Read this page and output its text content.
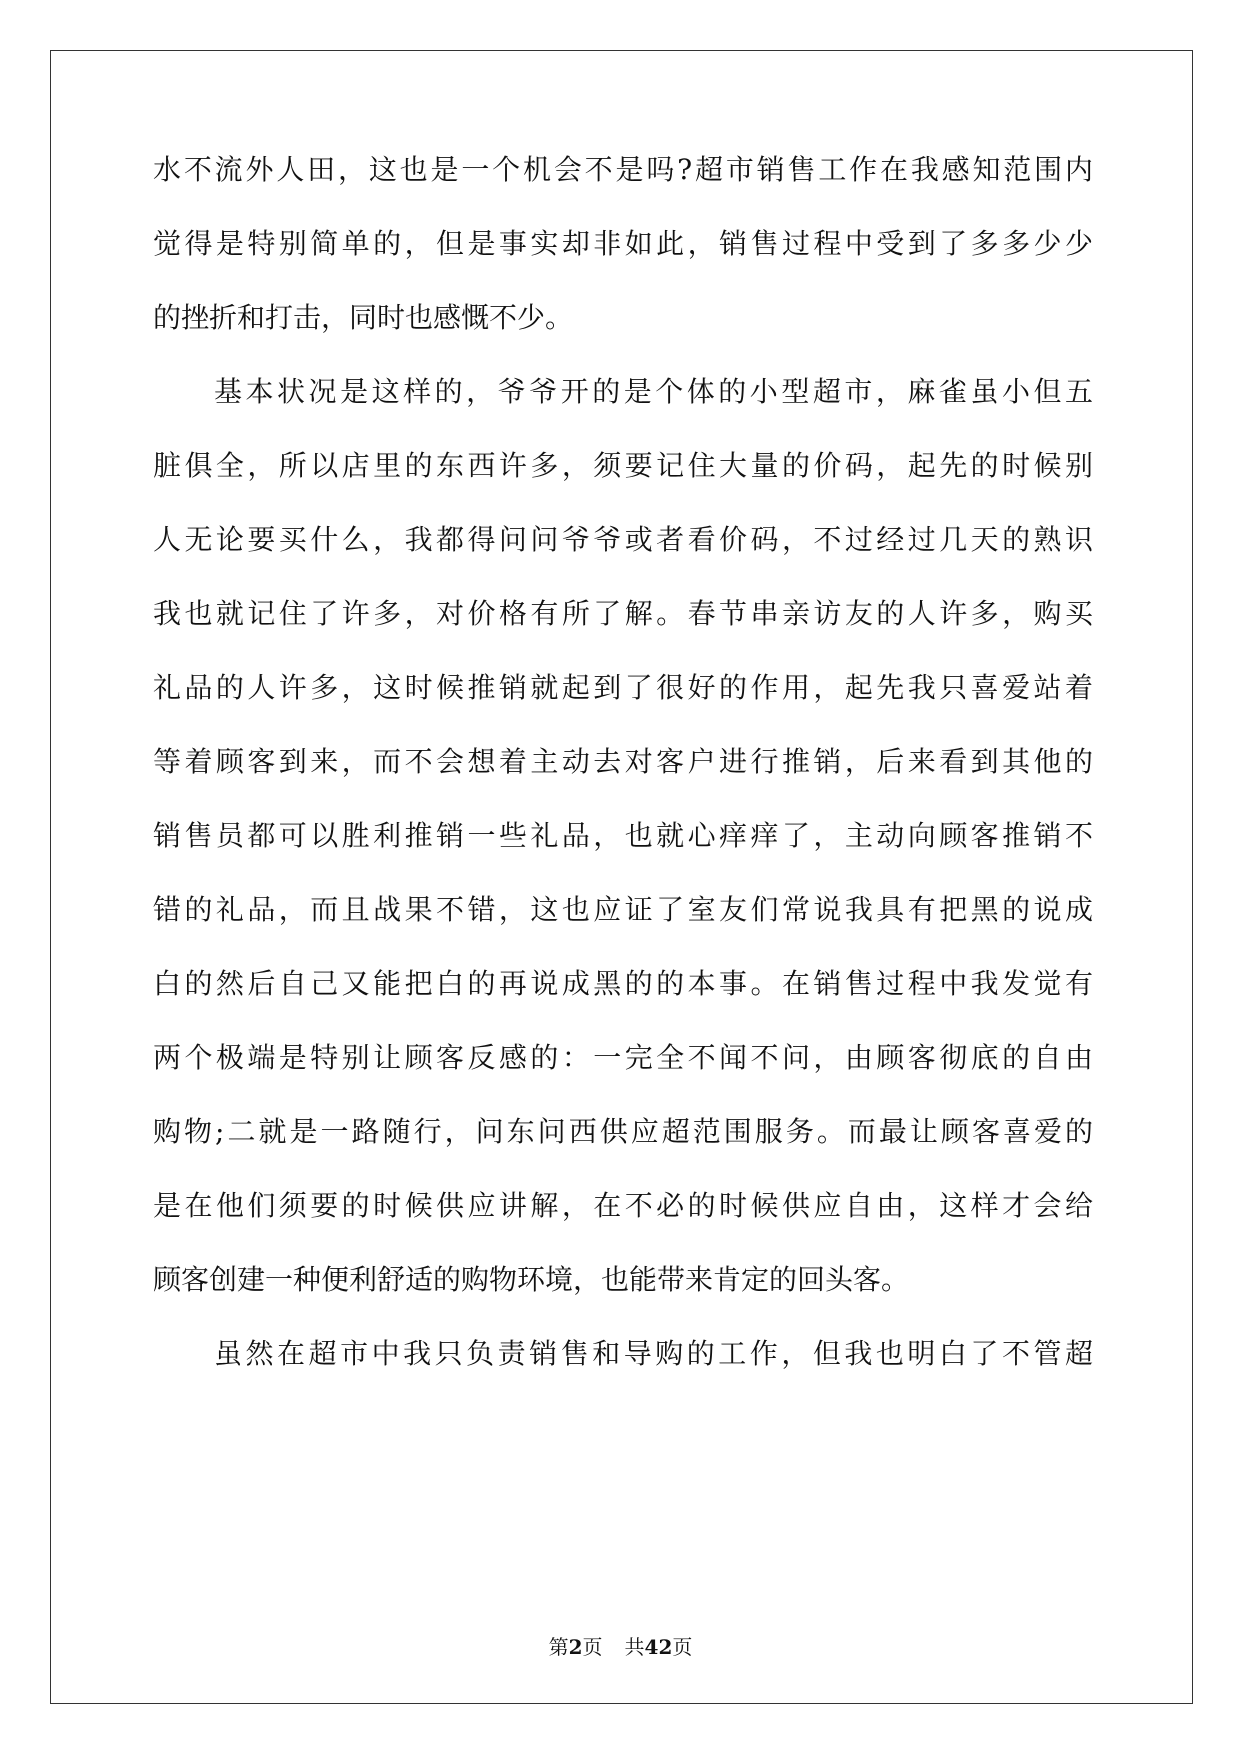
水不流外人田，这也是一个机会不是吗?超市销售工作在我感知范围内
觉得是特别简单的，但是事实却非如此，销售过程中受到了多多少少
的挫折和打击，同时也感慨不少。
基本状况是这样的，爷爷开的是个体的小型超市，麻雀虽小但五
脏俱全，所以店里的东西许多，须要记住大量的价码，起先的时候别
人无论要买什么，我都得问问爷爷或者看价码，不过经过几天的熟识
我也就记住了许多，对价格有所了解。春节串亲访友的人许多，购买
礼品的人许多，这时候推销就起到了很好的作用，起先我只喜爱站着
等着顾客到来，而不会想着主动去对客户进行推销，后来看到其他的
销售员都可以胜利推销一些礼品，也就心痒痒了，主动向顾客推销不
错的礼品，而且战果不错，这也应证了室友们常说我具有把黑的说成
白的然后自己又能把白的再说成黑的的本事。在销售过程中我发觉有
两个极端是特别让顾客反感的：一完全不闻不问，由顾客彻底的自由
购物;二就是一路随行，问东问西供应超范围服务。而最让顾客喜爱的
是在他们须要的时候供应讲解，在不必的时候供应自由，这样才会给
顾客创建一种便利舒适的购物环境，也能带来肯定的回头客。
虽然在超市中我只负责销售和导购的工作，但我也明白了不管超
第2页 共42页
